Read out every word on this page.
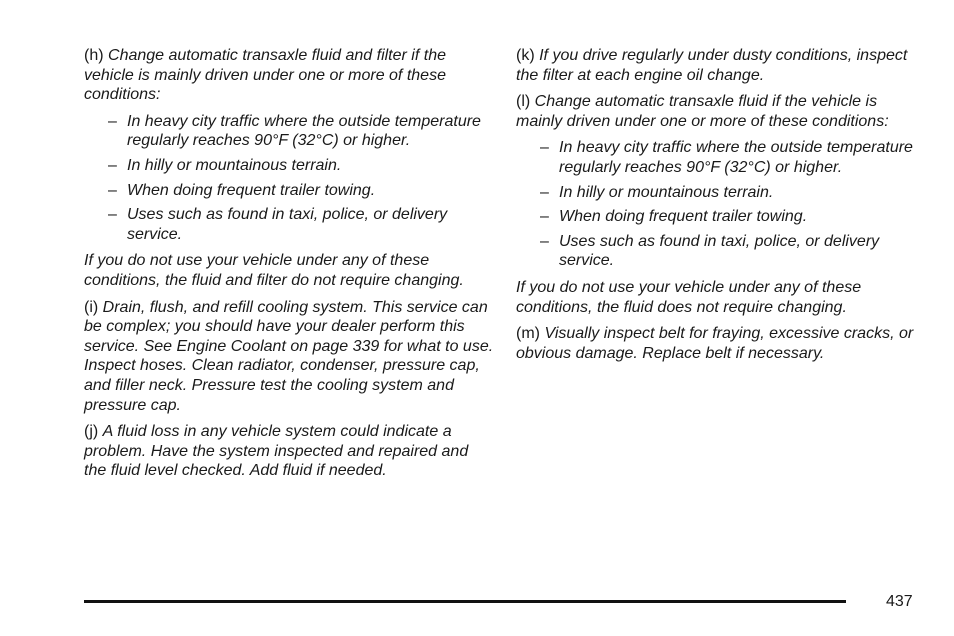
(h) Change automatic transaxle fluid and filter if the vehicle is mainly driven under one or more of these conditions:

– In heavy city traffic where the outside temperature regularly reaches 90°F (32°C) or higher.
– In hilly or mountainous terrain.
– When doing frequent trailer towing.
– Uses such as found in taxi, police, or delivery service.

If you do not use your vehicle under any of these conditions, the fluid and filter do not require changing.

(i) Drain, flush, and refill cooling system. This service can be complex; you should have your dealer perform this service. See Engine Coolant on page 339 for what to use. Inspect hoses. Clean radiator, condenser, pressure cap, and filler neck. Pressure test the cooling system and pressure cap.

(j) A fluid loss in any vehicle system could indicate a problem. Have the system inspected and repaired and the fluid level checked. Add fluid if needed.

(k) If you drive regularly under dusty conditions, inspect the filter at each engine oil change.

(l) Change automatic transaxle fluid if the vehicle is mainly driven under one or more of these conditions:

– In heavy city traffic where the outside temperature regularly reaches 90°F (32°C) or higher.
– In hilly or mountainous terrain.
– When doing frequent trailer towing.
– Uses such as found in taxi, police, or delivery service.

If you do not use your vehicle under any of these conditions, the fluid does not require changing.

(m) Visually inspect belt for fraying, excessive cracks, or obvious damage. Replace belt if necessary.

437
